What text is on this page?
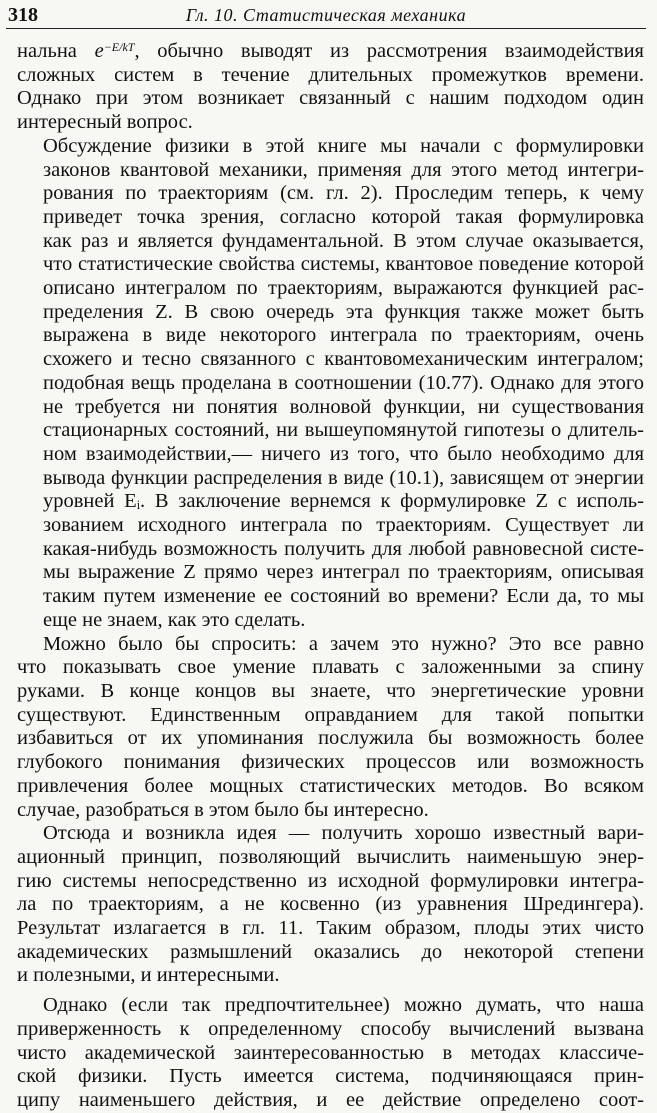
318	Гл. 10. Статистическая механика

нальна $e^{-E/kT}$, обычно выводят из рассмотрения взаимодействия
сложных систем в течение длительных промежутков времени.
Однако при этом возникает связанный с нашим подходом один
интересный вопрос.

Обсуждение физики в этой книге мы начали с формулировки
законов квантовой механики, применяя для этого метод интегри-
рования по траекториям (см. гл. 2). Проследим теперь, к чему
приведет точка зрения, согласно которой такая формулировка
как раз и является фундаментальной. В этом случае оказывается,
что статистические свойства системы, квантовое поведение которой
описано интегралом по траекториям, выражаются функцией рас-
пределения Z. В свою очередь эта функция также может быть
выражена в виде некоторого интеграла по траекториям, очень
схожего и тесно связанного с квантовомеханическим интегралом;
подобная вещь проделана в соотношении (10.77). Однако для этого
не требуется ни понятия волновой функции, ни существования
стационарных состояний, ни вышеупомянутой гипотезы о длитель-
ном взаимодействии,— ничего из того, что было необходимо для
вывода функции распределения в виде (10.1), зависящем от энергии
уровней Eᵢ. В заключение вернемся к формулировке Z с исполь-
зованием исходного интеграла по траекториям. Существует ли
какая-нибудь возможность получить для любой равновесной систе-
мы выражение Z прямо через интеграл по траекториям, описывая
таким путем изменение ее состояний во времени? Если да, то мы
еще не знаем, как это сделать.

Можно было бы спросить: а зачем это нужно? Это все равно
что показывать свое умение плавать с заложенными за спину
руками. В конце концов вы знаете, что энергетические уровни
существуют. Единственным оправданием для такой попытки
избавиться от их упоминания послужила бы возможность более
глубокого понимания физических процессов или возможность
привлечения более мощных статистических методов. Во всяком
случае, разобраться в этом было бы интересно.

Отсюда и возникла идея — получить хорошо известный вари-
ационный принцип, позволяющий вычислить наименьшую энер-
гию системы непосредственно из исходной формулировки интегра-
ла по траекториям, а не косвенно (из уравнения Шредингера).
Результат излагается в гл. 11. Таким образом, плоды этих чисто
академических размышлений оказались до некоторой степени
и полезными, и интересными.

Однако (если так предпочтительнее) можно думать, что наша
приверженность к определенному способу вычислений вызвана
чисто академической заинтересованностью в методах классиче-
ской физики. Пусть имеется система, подчиняющаяся прин-
ципу наименьшего действия, и ее действие определено соот-
